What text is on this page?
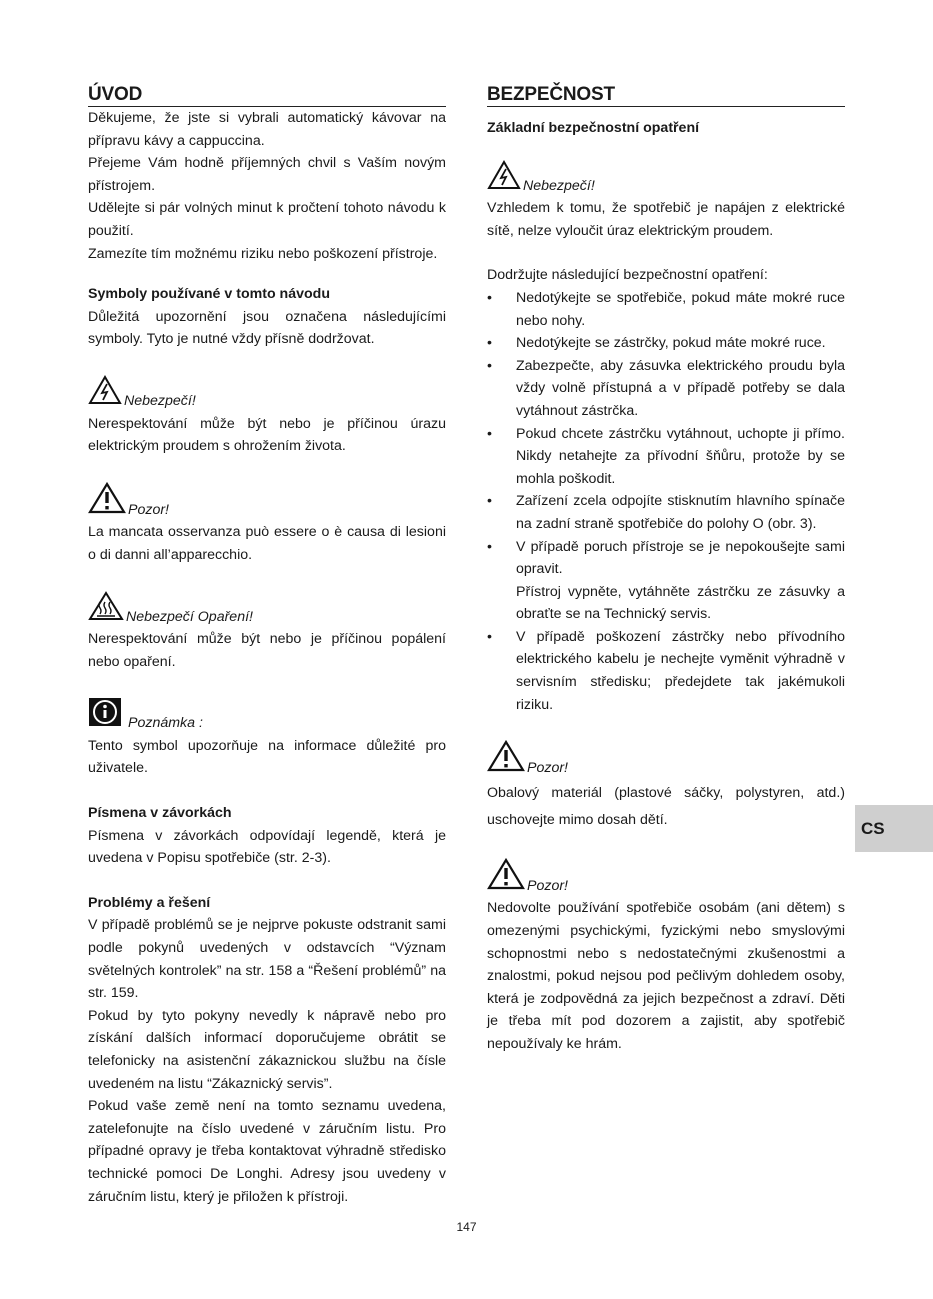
ÚVOD

Děkujeme, že jste si vybrali automatický kávovar na přípravu kávy a cappuccina.

Přejeme Vám hodně příjemných chvil s Vaším novým přístrojem.

Udělejte si pár volných minut k pročtení tohoto návodu k použití.

Zamezíte tím možnému riziku nebo poškození přístroje.

Symboly používané v tomto návodu

Důležitá upozornění jsou označena následujícími symboly. Tyto je nutné vždy přísně dodržovat.

Nebezpečí!

Nerespektování může být nebo je příčinou úrazu elektrickým proudem s ohrožením života.

Pozor!

La mancata osservanza può essere o è causa di lesioni o di danni all’apparecchio.

Nebezpečí Opaření!

Nerespektování může být nebo je příčinou popálení nebo opaření.

Poznámka :

Tento symbol upozorňuje na informace důležité pro uživatele.

Písmena v závorkách

Písmena v závorkách odpovídají legendě, která je uvedena v Popisu spotřebiče (str. 2-3).

Problémy a řešení

V případě problémů se je nejprve pokuste odstranit sami podle pokynů uvedených v odstavcích “Význam světelných kontrolek” na str. 158 a “Řešení problémů” na str. 159.

Pokud by tyto pokyny nevedly k nápravě nebo pro získání dalších informací doporučujeme obrátit se telefonicky na asistenční zákaznickou službu na čísle uvedeném na listu “Zákaznický servis”.

Pokud vaše země není na tomto seznamu uvedena, zatelefonujte na číslo uvedené v záručním listu. Pro případné opravy je třeba kontaktovat výhradně středisko technické pomoci De Longhi. Adresy jsou uvedeny v záručním listu, který je přiložen k přístroji.

BEZPEČNOST

Základní bezpečnostní opatření

Nebezpečí!

Vzhledem k tomu, že spotřebič je napájen z elektrické sítě, nelze vyloučit úraz elektrickým proudem.

Dodržujte následující bezpečnostní opatření:

• Nedotýkejte se spotřebiče, pokud máte mokré ruce nebo nohy.
• Nedotýkejte se zástrčky, pokud máte mokré ruce.
• Zabezpečte, aby zásuvka elektrického proudu byla vždy volně přístupná a v případě potřeby se dala vytáhnout zástrčka.
• Pokud chcete zástrčku vytáhnout, uchopte ji přímo. Nikdy netahejte za přívodní šňůru, protože by se mohla poškodit.
• Zařízení zcela odpojíte stisknutím hlavního spínače na zadní straně spotřebiče do polohy O (obr. 3).
• V případě poruch přístroje se je nepokoušejte sami opravit.
Přístroj vypněte, vytáhněte zástrčku ze zásuvky a obraťte se na Technický servis.
• V případě poškození zástrčky nebo přívodního elektrického kabelu je nechejte vyměnit výhradně v servisním středisku; předejdete tak jakémukoli riziku.
Pozor!

Obalový materiál (plastové sáčky, polystyren, atd.) uschovejte mimo dosah dětí.

Pozor!

Nedovolte používání spotřebiče osobám (ani dětem) s omezenými psychickými, fyzickými nebo smyslovými schopnostmi nebo s nedostatečnými zkušenostmi a znalostmi, pokud nejsou pod pečlivým dohledem osoby, která je zodpovědná za jejich bezpečnost a zdraví. Děti je třeba mít pod dozorem a zajistit, aby spotřebič nepoužívaly ke hrám.

CS
147
